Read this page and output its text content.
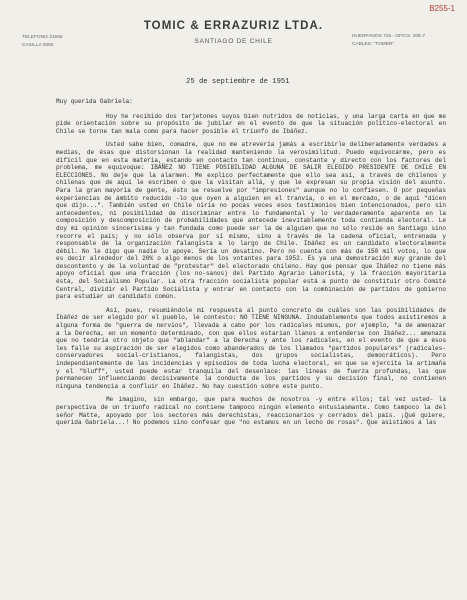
B255-1
TOMIC & ERRAZURIZ LTDA.
TELEFONO 31555
CASILLA 3060
SANTIAGO DE CHILE
HUERFANOS 725 - OFICS. 205-7
CABLES: "TOMER"
25 de septiembre de 1951

Muy querida Gabriela:

Hoy he recibido dos tarjetones suyos bien nutridos de noticias, y una larga carta en que me pide orientación sobre su propósito de jubilar en el evento de que la situación político-electoral en Chile se torne tan mala como para hacer posible el triunfo de Ibáñez.

Usted sabe bien, comadre, que no me atrevería jamás a escribirle deliberadamente verdades a medias, de ésas que distorsionan la realidad manteniendo la verosimilitud. Puedo equivocarme, pero es difícil que en esta materia, estando en contacto tan continuo, constante y directo con los factores del problema, me equivoque: IBÁÑEZ NO TIENE POSIBILIDAD ALGUNA DE SALIR ELEGIDO PRESIDENTE DE CHILE EN ELECCIONES. No deje que la alarmen. Me explico perfectamente que ello sea así, a través de chilenos y chilenas que de aquí le escriben o que la visitan allá, y que le expresan su propia visión del asunto. Para la gran mayoría de gente, ésto se resuelve por "impresiones" aunque no lo confiesen. O por pequeñas experiencias de ámbito reducido -lo que oyen a alguien en el tranvía, o en el mercado, o de aquí "dicen que dijo...". También usted en Chile oiría no pocas veces esos testimonios bien intencionados, pero sin antecedentes, ni posibilidad de discriminar entre lo fundamental y lo verdaderamente aparente en la composición y descomposición de probabilidades que antecede inevitablemente toda contienda electoral. Le doy mi opinión sincerísima y tan fundada como puede ser la de alguien que no sólo reside en Santiago sino recorre el país; y no sólo observa por sí mismo, sino a través de la cadena oficial, entrenada y responsable de la organización falangista a lo largo de Chile. Ibáñez es un candidato electoralmente débil. No le digo que nadie lo apoye. Sería un desatino. Pero no cuenta con más de 150 mil votos, lo que es decir alrededor del 20% o algo menos de los votantes para 1952. Es ya una demostración muy grande del descontento y de la voluntad de "protestar" del electorado chileno. Hay que pensar que Ibáñez no tiene más apoyo oficial que una fracción (los no-sanos) del Partido Agrario Laborista, y la fracción mayoritaria ésta, del Socialismo Popular. La otra fracción socialista popular está a punto de constituir otro Comité Central, dividir el Partido Socialista y entrar en contacto con la combinación de partidos de gobierno para estudiar un candidato común.

Así, pues, resumiéndole mi respuesta al punto concreto de cuáles son las posibilidades de Ibáñez de ser elegido por el pueblo, le contesto: NO TIENE NINGUNA. Indudablemente que todos asistiremos a alguna forma de "guerra de nervios", llevada a cabo por los radicales mismos, por ejemplo, "a de amenazar a la Derecha, en un momento determinado, con que ellos estarían llanos a entenderse con Ibáñez... amenaza que no tendría otro objeto que "ablandar" a la Derecha y ante los radicales, en el evento de que a ésos les falle su aspiración de ser elegidos como abanderados de los llamados "partidos populares" (radicales-conservadores social-cristianos, falangistas, dos grupos socialistas, democráticos). Pero independientemente de las incidencias y episodios de toda lucha electoral, en que se ejercita la artimaña y el "bluff", usted puede estar tranquila del desenlace: las líneas de fuerza profundas, las que permanecen influenciando decisivamente la conducta de los partidos y su decisión final, no contienen ninguna tendencia a confluir en Ibáñez. No hay cuestión sobre este punto.

Me imagino, sin embargo, que para muchos de nosotros -y entre ellos; tal vez usted- la perspectiva de un triunfo radical no contiene tampoco ningún elemento entusiasmante. Como tampoco la del señor Matte, apoyado por los sectores más derechistas, reaccionarios y cerrados del país. ¡Qué quiere, querida Gabriela...! No podemos sino confesar que "no estamos en un lecho de rosas". Que asistimos a las
